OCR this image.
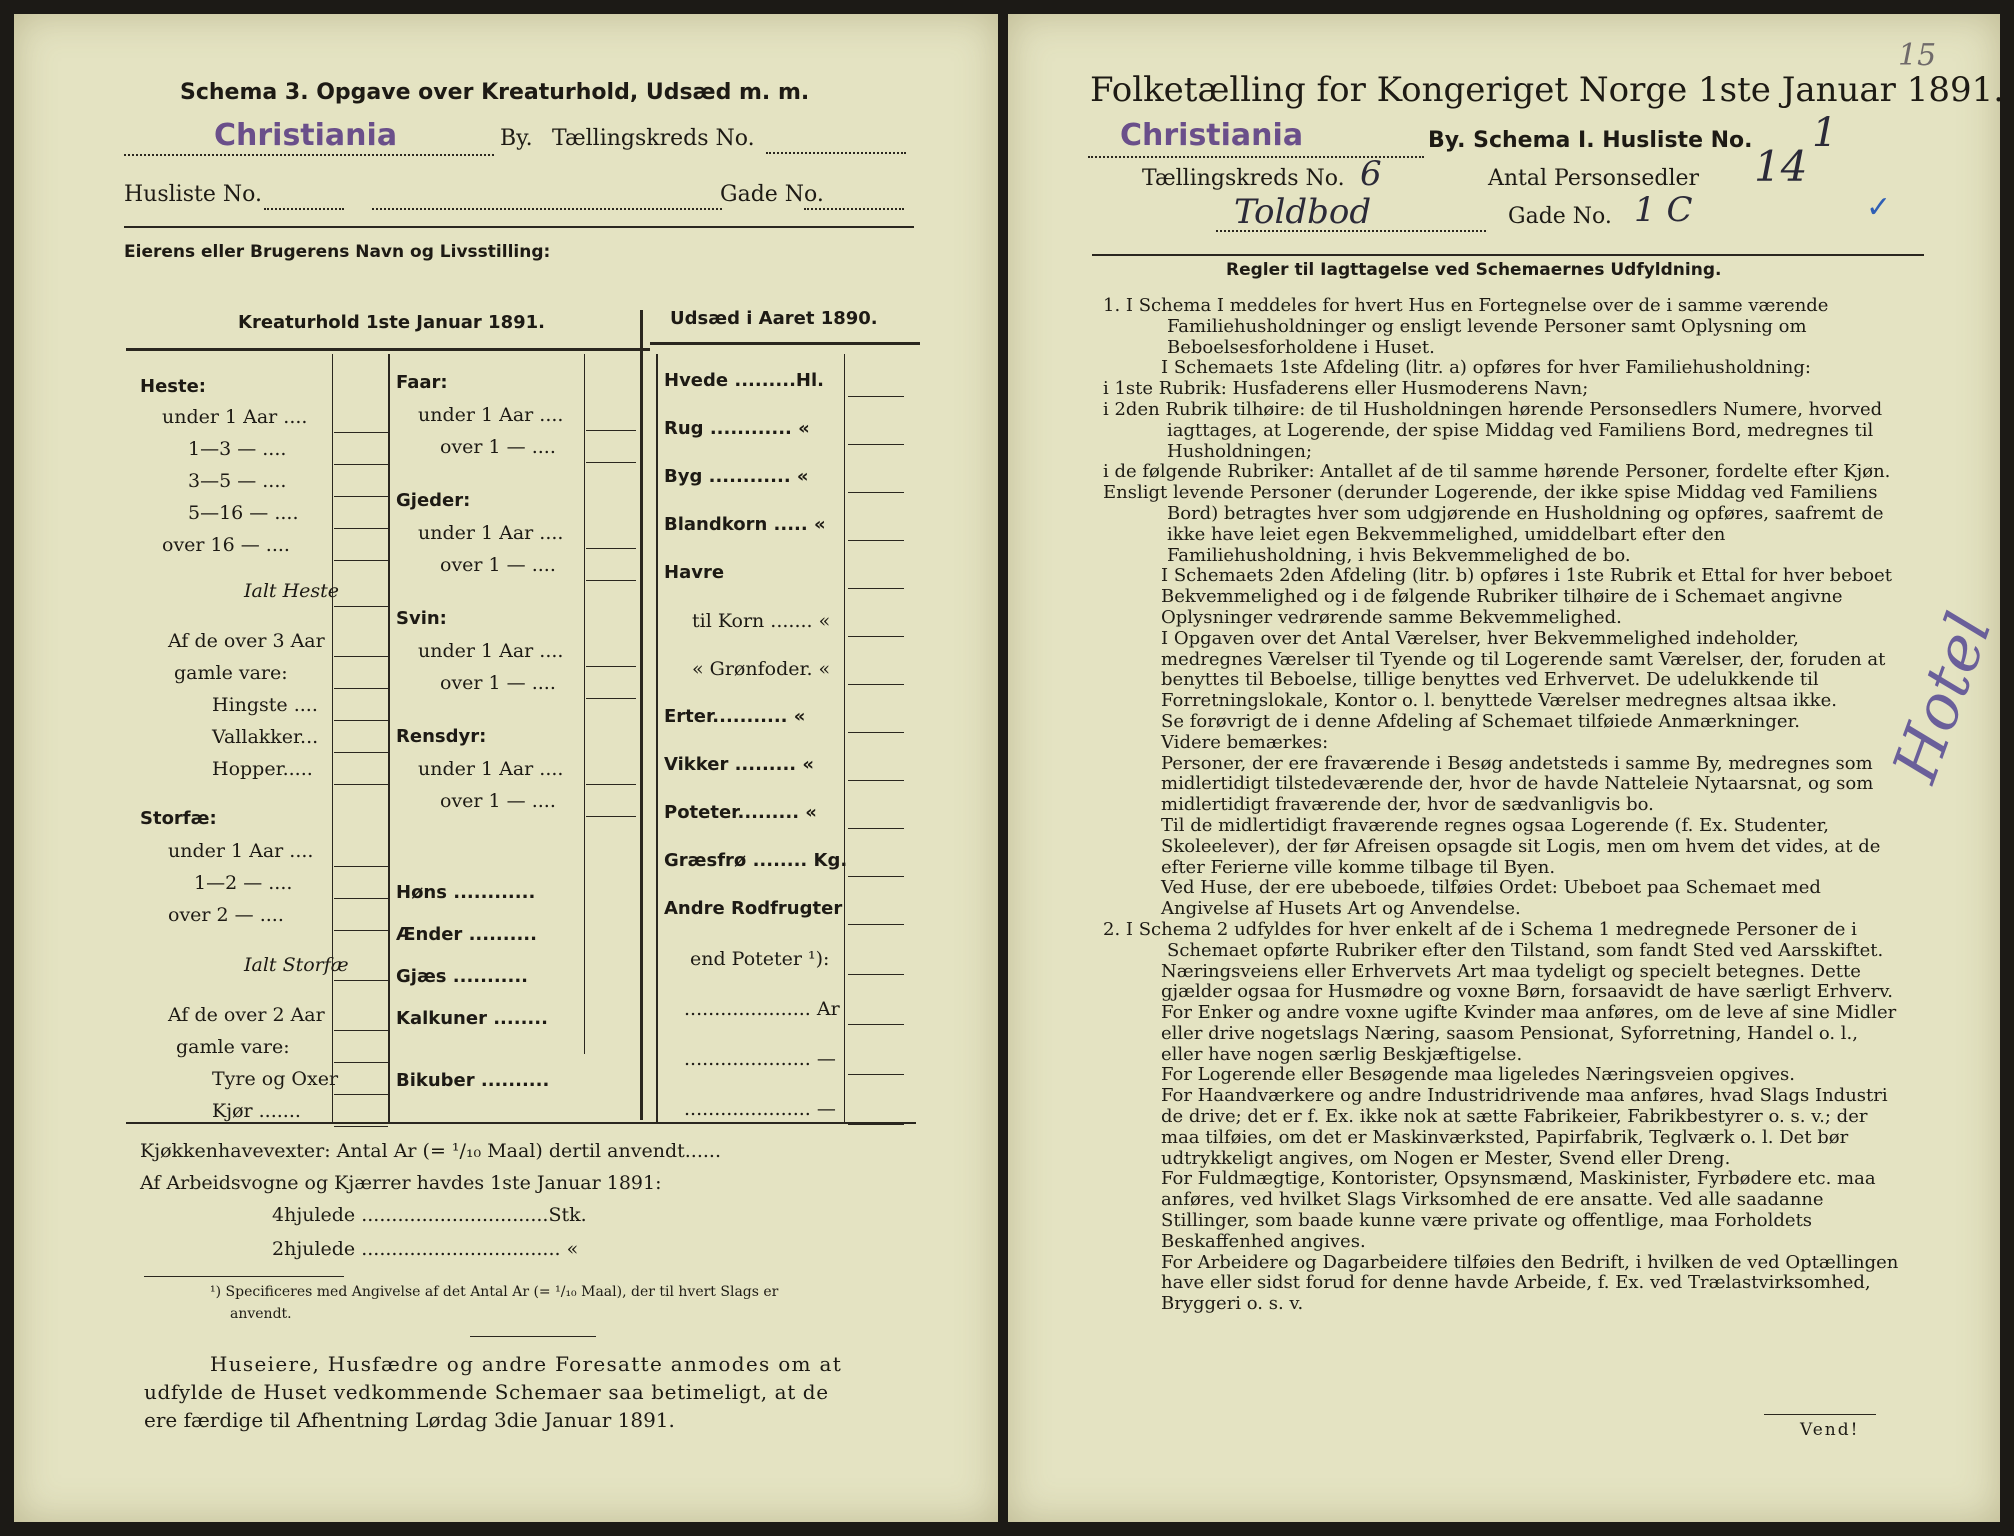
Schema 3. Opgave over Kreaturhold, Udsæd m. m.
Christiania	By. Tællingskreds No.
Husliste No.	Gade No.
Eierens eller Brugerens Navn og Livsstilling:
Kreaturhold 1ste Januar 1891.	Udsæd i Aaret 1890.
Heste:
under 1 Aar ....
1—3 — ....
3—5 — ....
5—16 — ....
over 16 — ....
Ialt Heste
Af de over 3 Aar
gamle vare:
Hingste ....
Vallakker...
Hopper.....
Storfæ:
under 1 Aar ....
1—2 — ....
over 2 — ....
Ialt Storfæ
Af de over 2 Aar
gamle vare:
Tyre og Oxer
Kjør .......
Faar:
under 1 Aar ....
over 1 — ....
Gjeder:
under 1 Aar ....
over 1 — ....
Svin:
under 1 Aar ....
over 1 — ....
Rensdyr:
under 1 Aar ....
over 1 — ....
Høns ............
Ænder ..........
Gjæs ...........
Kalkuner ........
Bikuber ..........
Hvede .........Hl.
Rug ............ «
Byg ............ «
Blandkorn ..... «
Havre
til Korn ....... «
« Grønfoder. «
Erter........... «
Vikker ......... «
Poteter......... «
Græsfrø ........ Kg.
Andre Rodfrugter
end Poteter ¹):
..................... Ar
..................... —
..................... —
Kjøkkenhavevexter: Antal Ar (= ¹/₁₀ Maal) dertil anvendt......
Af Arbeidsvogne og Kjærrer havdes 1ste Januar 1891:
4hjulede ...............................Stk.
2hjulede ................................. «
¹) Specificeres med Angivelse af det Antal Ar (= ¹/₁₀ Maal), der til hvert Slags er
anvendt.
Huseiere, Husfædre og andre Foresatte anmodes om at
udfylde de Huset vedkommende Schemaer saa betimeligt, at de
ere færdige til Afhentning Lørdag 3die Januar 1891.
15
Folketælling for Kongeriget Norge 1ste Januar 1891.
Christiania	By. Schema I. Husliste No. 1
Tællingskreds No. 6	Antal Personsedler 14
Toldbod	Gade No. 1 C	✓
Regler til Iagttagelse ved Schemaernes Udfyldning.

1. I Schema I meddeles for hvert Hus en Fortegnelse over de i samme værende Familiehusholdninger og ensligt levende Personer samt Oplysning om Beboelsesforholdene i Huset.

I Schemaets 1ste Afdeling (litr. a) opføres for hver Familiehusholdning:

i 1ste Rubrik: Husfaderens eller Husmoderens Navn;

i 2den Rubrik tilhøire: de til Husholdningen hørende Personsedlers Numere, hvorved iagttages, at Logerende, der spise Middag ved Familiens Bord, medregnes til Husholdningen;

i de følgende Rubriker: Antallet af de til samme hørende Personer, fordelte efter Kjøn.

Ensligt levende Personer (derunder Logerende, der ikke spise Middag ved Familiens Bord) betragtes hver som udgjørende en Husholdning og opføres, saafremt de ikke have leiet egen Bekvemmelighed, umiddelbart efter den Familiehusholdning, i hvis Bekvemmelighed de bo.

I Schemaets 2den Afdeling (litr. b) opføres i 1ste Rubrik et Ettal for hver beboet Bekvemmelighed og i de følgende Rubriker tilhøire de i Schemaet angivne Oplysninger vedrørende samme Bekvemmelighed.

I Opgaven over det Antal Værelser, hver Bekvemmelighed indeholder, medregnes Værelser til Tyende og til Logerende samt Værelser, der, foruden at benyttes til Beboelse, tillige benyttes ved Erhvervet. De udelukkende til Forretningslokale, Kontor o. l. benyttede Værelser medregnes altsaa ikke.

Se forøvrigt de i denne Afdeling af Schemaet tilføiede Anmærkninger.

Videre bemærkes:

Personer, der ere fraværende i Besøg andetsteds i samme By, medregnes som midlertidigt tilstedeværende der, hvor de havde Natteleie Nytaarsnat, og som midlertidigt fraværende der, hvor de sædvanligvis bo.

Til de midlertidigt fraværende regnes ogsaa Logerende (f. Ex. Studenter, Skoleelever), der før Afreisen opsagde sit Logis, men om hvem det vides, at de efter Ferierne ville komme tilbage til Byen.

Ved Huse, der ere ubeboede, tilføies Ordet: Ubeboet paa Schemaet med Angivelse af Husets Art og Anvendelse.

2. I Schema 2 udfyldes for hver enkelt af de i Schema 1 medregnede Personer de i Schemaet opførte Rubriker efter den Tilstand, som fandt Sted ved Aarsskiftet.

Næringsveiens eller Erhvervets Art maa tydeligt og specielt betegnes. Dette gjælder ogsaa for Husmødre og voxne Børn, forsaavidt de have særligt Erhverv. For Enker og andre voxne ugifte Kvinder maa anføres, om de leve af sine Midler eller drive nogetslags Næring, saasom Pensionat, Syforretning, Handel o. l., eller have nogen særlig Beskjæftigelse.

For Logerende eller Besøgende maa ligeledes Næringsveien opgives.

For Haandværkere og andre Industridrivende maa anføres, hvad Slags Industri de drive; det er f. Ex. ikke nok at sætte Fabrikeier, Fabrikbestyrer o. s. v.; der maa tilføies, om det er Maskinværksted, Papirfabrik, Teglværk o. l. Det bør udtrykkeligt angives, om Nogen er Mester, Svend eller Dreng.

For Fuldmægtige, Kontorister, Opsynsmænd, Maskinister, Fyrbødere etc. maa anføres, ved hvilket Slags Virksomhed de ere ansatte. Ved alle saadanne Stillinger, som baade kunne være private og offentlige, maa Forholdets Beskaffenhed angives.

For Arbeidere og Dagarbeidere tilføies den Bedrift, i hvilken de ved Optællingen have eller sidst forud for denne havde Arbeide, f. Ex. ved Trælastvirksomhed, Bryggeri o. s. v.

Hotel
Vend!
